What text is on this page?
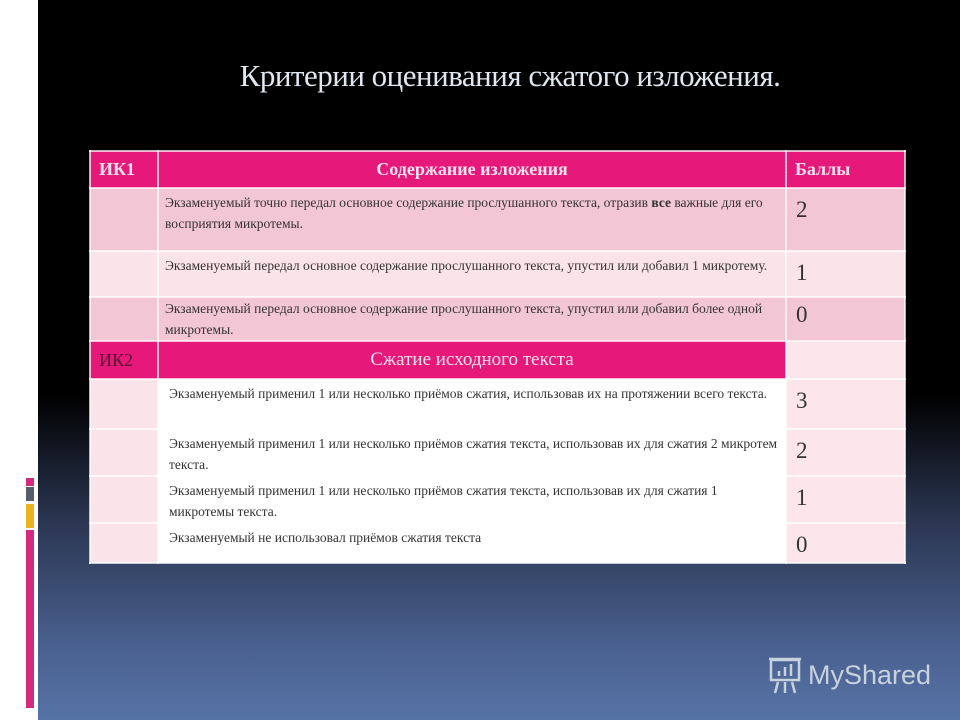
Критерии оценивания сжатого изложения.
ИК1	Содержание изложения	Баллы
	Экзаменуемый точно передал основное содержание прослушанного текста, отразив все важные для его восприятия микротемы.	2
	Экзаменуемый передал основное содержание прослушанного текста, упустил или добавил 1 микротему.	1
	Экзаменуемый передал основное содержание прослушанного текста, упустил или добавил более одной микротемы.	0
ИК2	Сжатие исходного текста	
	Экзаменуемый применил 1 или несколько приёмов сжатия, использовав их на протяжении всего текста.	3
	Экзаменуемый применил 1 или несколько приёмов сжатия текста, использовав их для сжатия 2 микротем текста.	2
	Экзаменуемый применил 1 или несколько приёмов сжатия текста, использовав их для сжатия 1 микротемы текста.	1
	Экзаменуемый не использовал приёмов сжатия текста	0
MyShared
